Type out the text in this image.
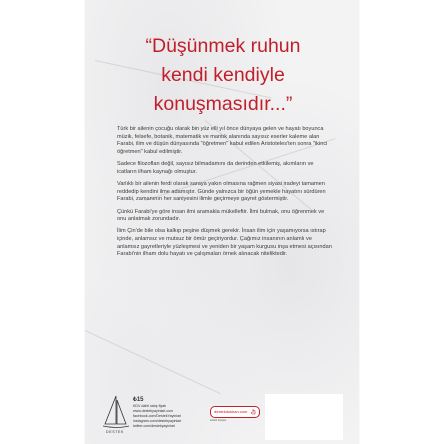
“Düşünmek ruhun
kendi kendiyle
konuşmasıdır...”

Türk bir ailenin çocuğu olarak bin yüz elli yıl önce dünyaya gelen ve hayatı boyunca müzik, felsefe, botanik, matematik ve mantık alanında sayısız eserler kaleme alan Farabi, ilim ve düşün dünyasında "öğretmen" kabul edilen Aristoteles'ten sonra "ikinci öğretmen" kabul edilmiştir.

Sadece filozoflan değil, sayısız bilmadamını da derinden etkilemiş, akımların ve icatların ilham kaynağı olmuştur.

Varlıklı bir ailenin ferdi olarak saraya yakın olmasına rağmen siyasi iradeyi tamamen reddedip kendini ilme adamıştır. Günde yalnızca bir öğün yemekle hayatını sürdüren Farabi, zamanının her saniyesini ilimle geçirmeye gayret göstermiştir.

Çünkü Farabi'ye göre insan ilmi aramakla mükelleftir. İlmi bulmak, onu öğrenmek ve onu anlatmak zorundadır.

İlim Çin'de bile olsa kalkıp peşine düşmek gerekir. İnsan ilim için yaşamıyorsa ıstırap içinde, anlamsız ve mutsuz bir ömür geçiriyordur. Çağımız insanının anlamlı ve anlamsız gayretleriyle yüzleşmesi ve yeniden bir yaşam kurgusu inşa etmesi açısından Farabi'nin ilham dolu hayatı ve çalışmaları örnek alınacak niteliktedir.

DESTEK
₺15
KDV dahil satış fiyatı
www.destekyayinlari.com
facebook.com/DestekYayinlari
instagram.com/destekyayinlari
twitter.com/destekyayinlari
destekdukkan.com
kaliteli kitaplar
